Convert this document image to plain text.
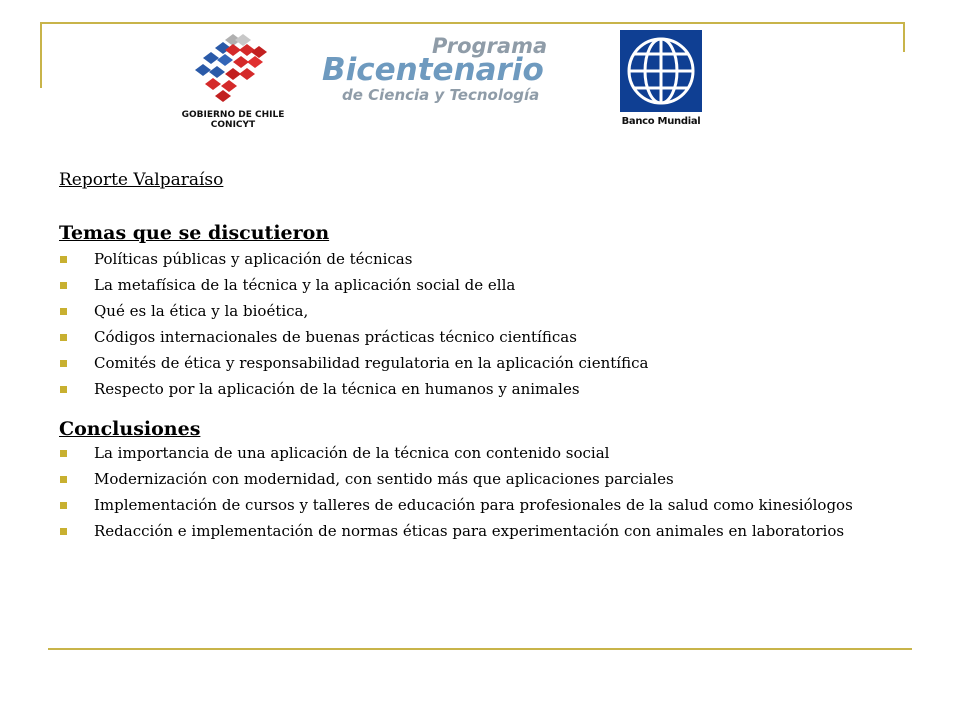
GOBIERNO DE CHILE
CONICYT
Programa
Bicentenario
de Ciencia y Tecnología
Banco Mundial
Reporte Valparaíso
Temas que se discutieron
Políticas públicas y aplicación de técnicas
La metafísica de la técnica y la aplicación social de ella
Qué es la ética y la bioética,
Códigos internacionales de buenas prácticas técnico científicas
Comités de ética y responsabilidad regulatoria en la aplicación científica
Respecto por la aplicación de la técnica en humanos y animales
Conclusiones
La importancia de una aplicación de la técnica con contenido social
Modernización con modernidad, con sentido más que aplicaciones parciales
Implementación de cursos y talleres de educación para profesionales de la salud como kinesiólogos
Redacción e implementación de normas éticas para experimentación con animales en laboratorios
